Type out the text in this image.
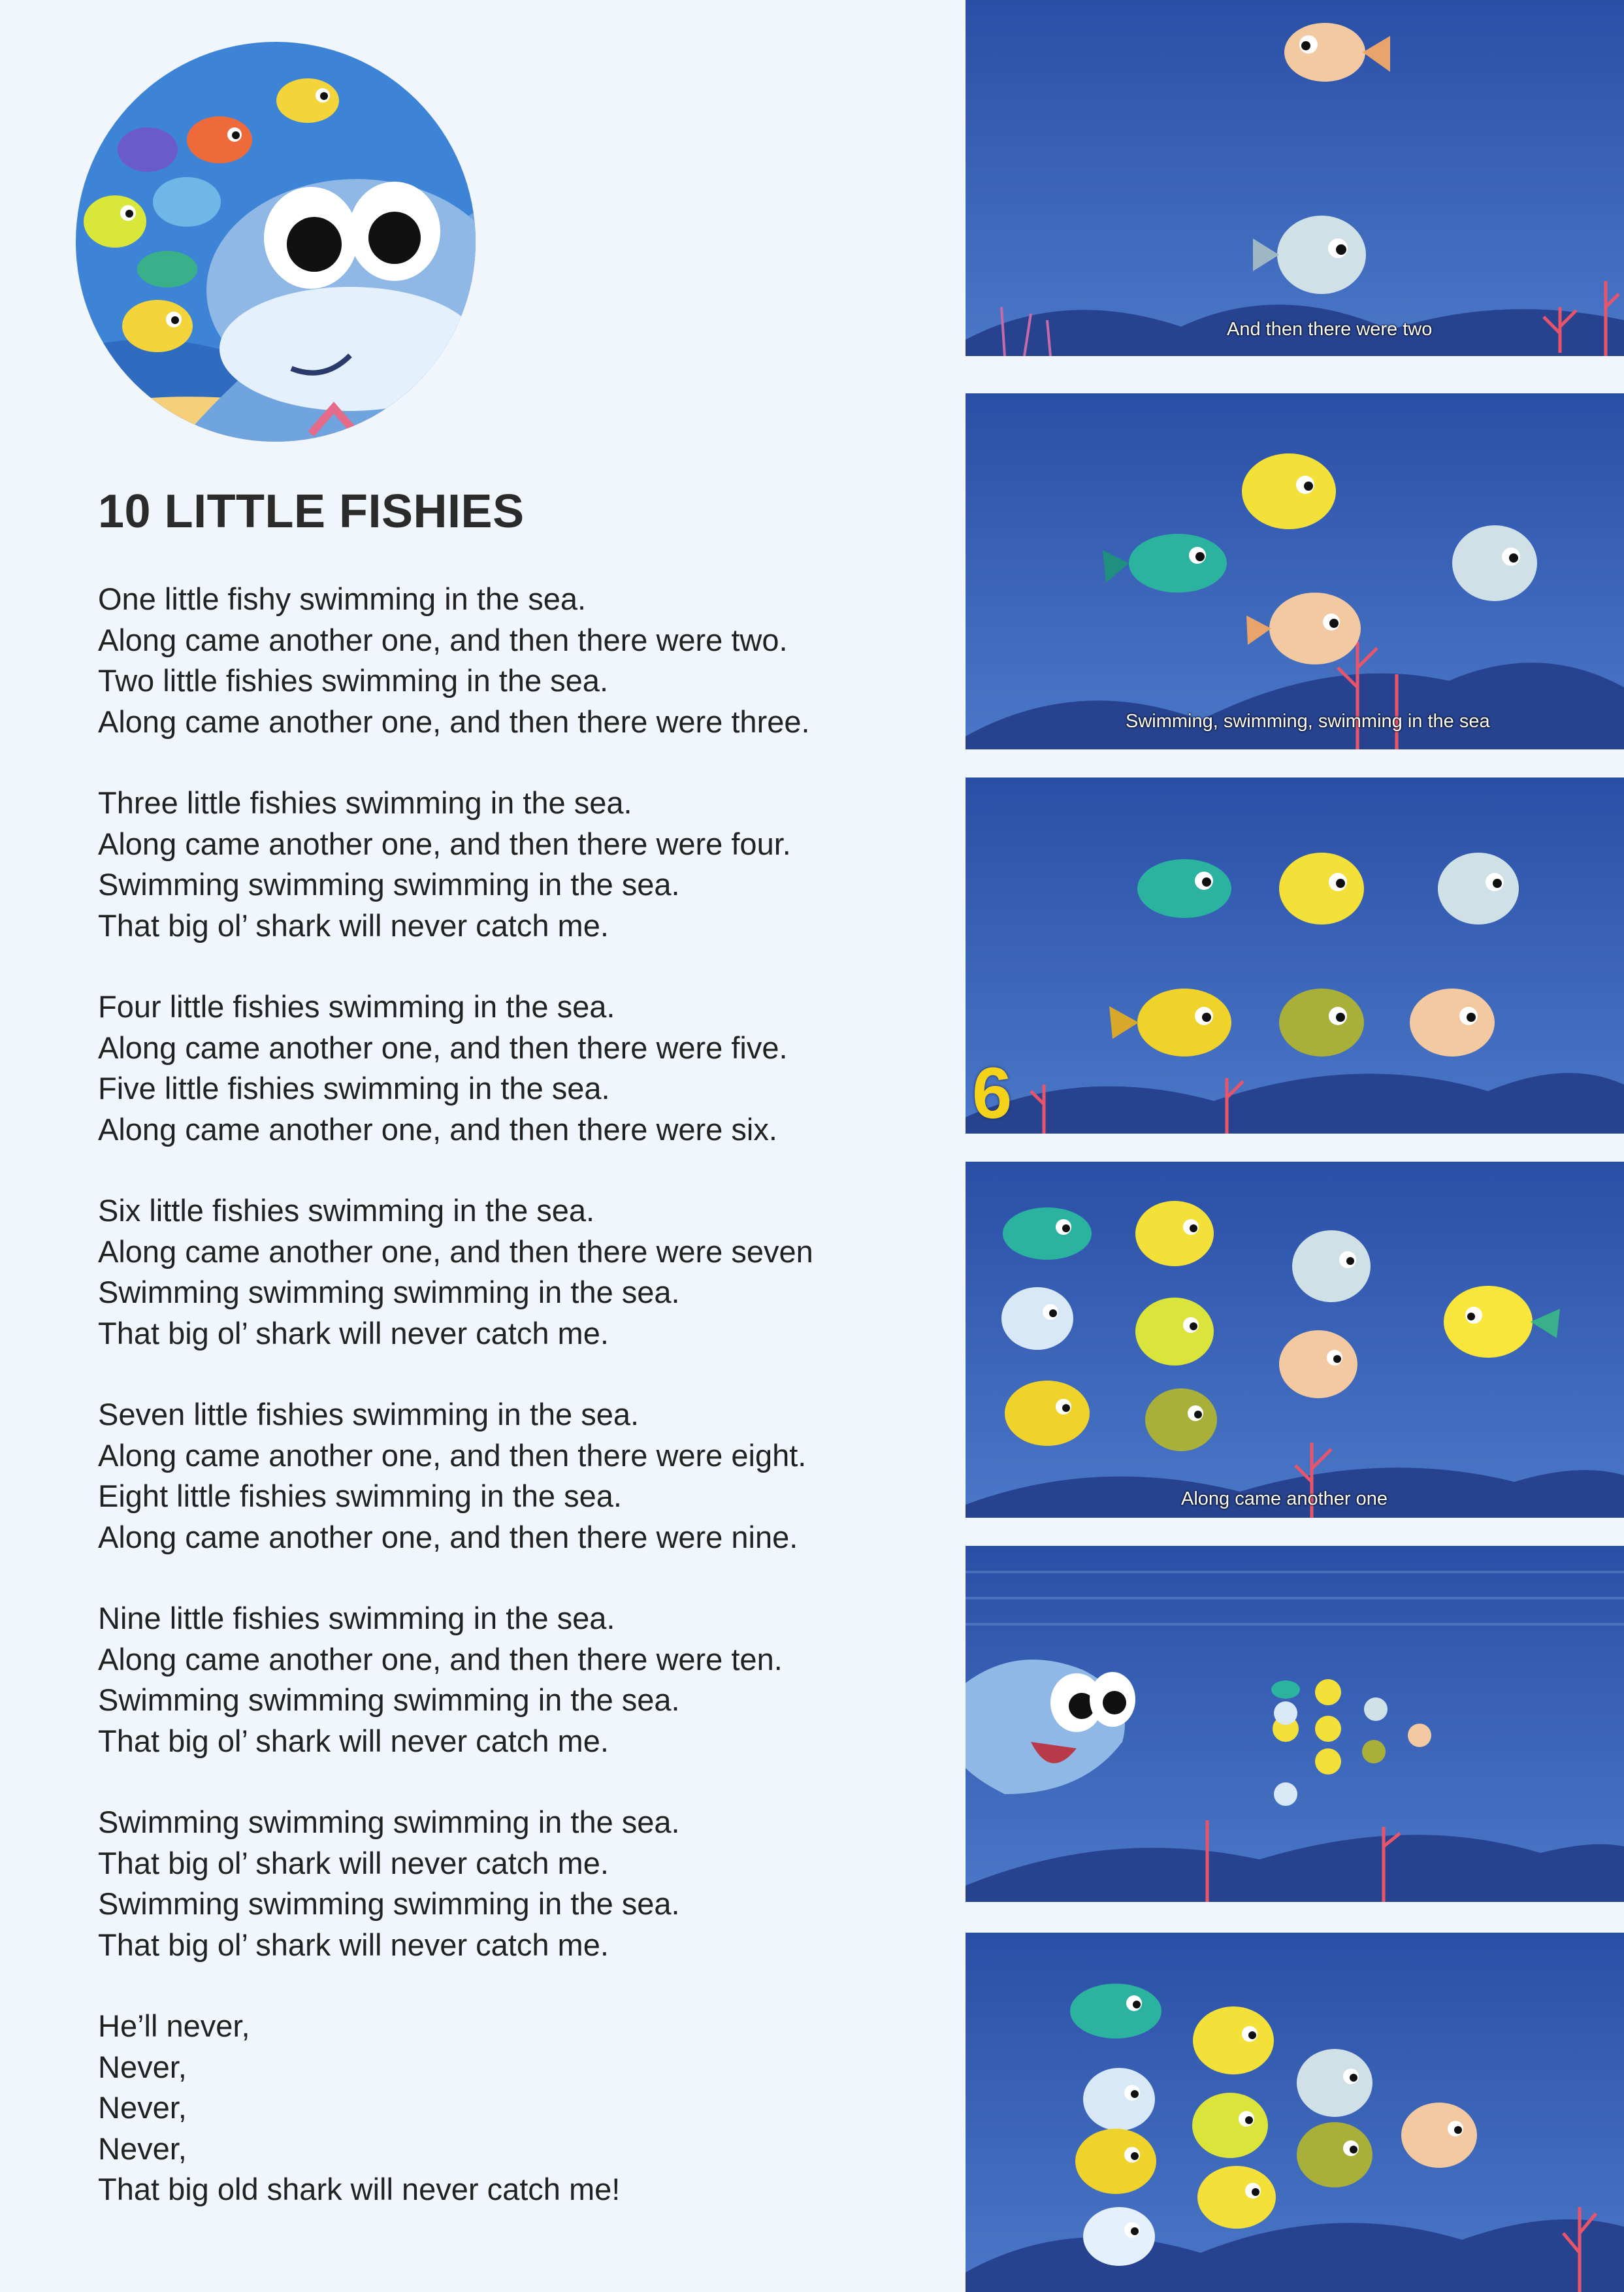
10 LITTLE FISHIES
One little fishy swimming in the sea.
Along came another one, and then there were two.
Two little fishies swimming in the sea.
Along came another one, and then there were three.
Three little fishies swimming in the sea.
Along came another one, and then there were four.
Swimming swimming swimming in the sea.
That big ol’ shark will never catch me.
Four little fishies swimming in the sea.
Along came another one, and then there were five.
Five little fishies swimming in the sea.
Along came another one, and then there were six.
Six little fishies swimming in the sea.
Along came another one, and then there were seven
Swimming swimming swimming in the sea.
That big ol’ shark will never catch me.
Seven little fishies swimming in the sea.
Along came another one, and then there were eight.
Eight little fishies swimming in the sea.
Along came another one, and then there were nine.
Nine little fishies swimming in the sea.
Along came another one, and then there were ten.
Swimming swimming swimming in the sea.
That big ol’ shark will never catch me.
Swimming swimming swimming in the sea.
That big ol’ shark will never catch me.
Swimming swimming swimming in the sea.
That big ol’ shark will never catch me.
He’ll never,
Never,
Never,
Never,
That big old shark will never catch me!
And then there were two
Swimming, swimming, swimming in the sea
6
Along came another one
